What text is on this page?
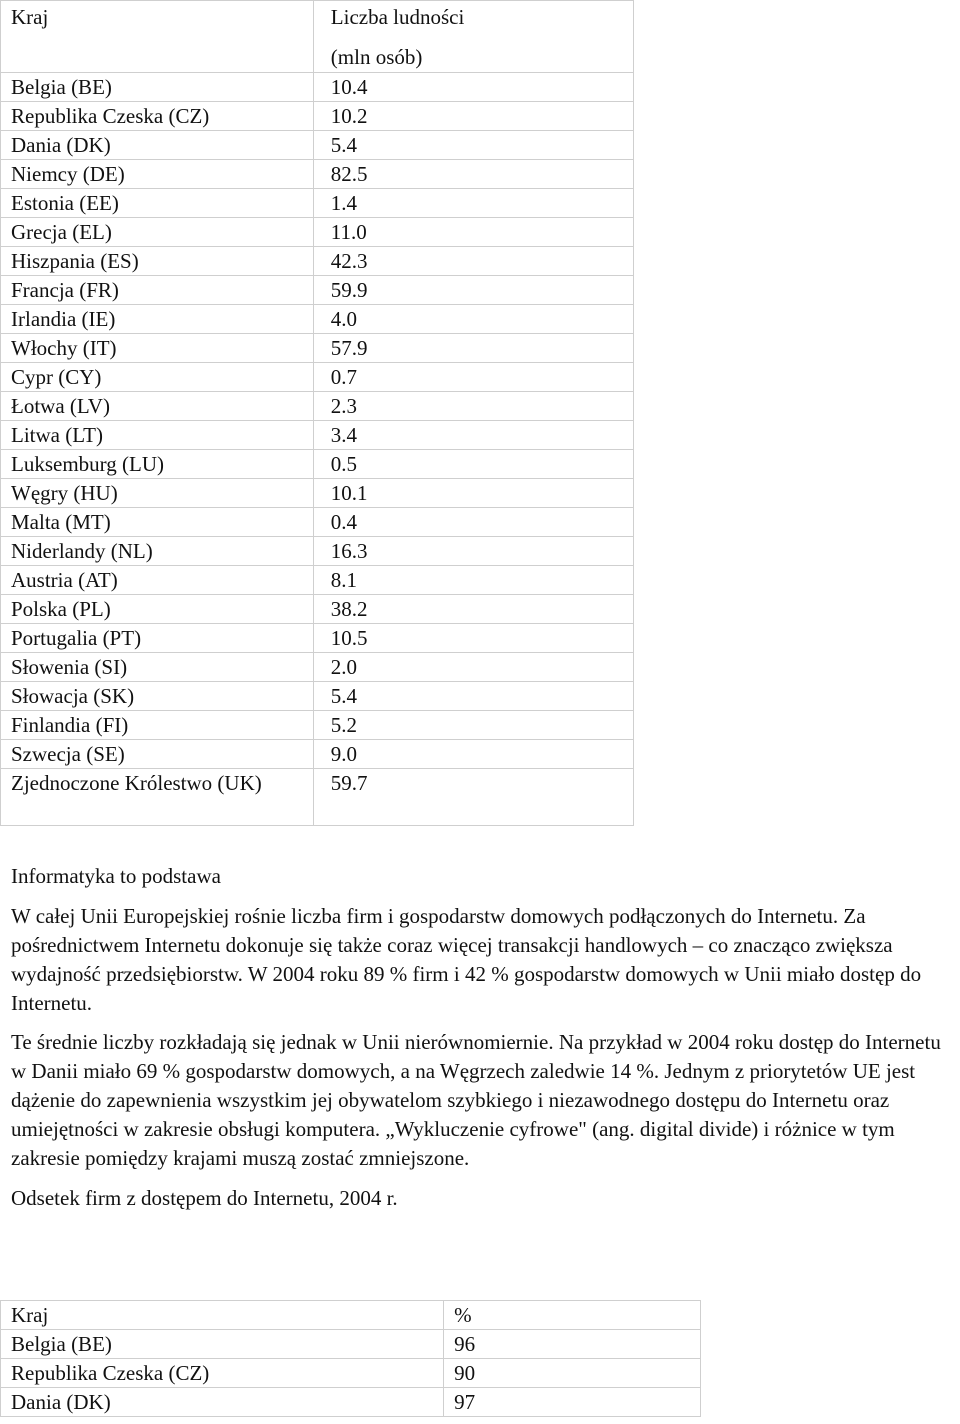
Kraj	Liczba ludności
(mln osób)

Belgia (BE)	10.4
Republika Czeska (CZ)	10.2
Dania (DK)	5.4
Niemcy (DE)	82.5
Estonia (EE)	1.4
Grecja (EL)	11.0
Hiszpania (ES)	42.3
Francja (FR)	59.9
Irlandia (IE)	4.0
Włochy (IT)	57.9
Cypr (CY)	0.7
Łotwa (LV)	2.3
Litwa (LT)	3.4
Luksemburg (LU)	0.5
Węgry (HU)	10.1
Malta (MT)	0.4
Niderlandy (NL)	16.3
Austria (AT)	8.1
Polska (PL)	38.2
Portugalia (PT)	10.5
Słowenia (SI)	2.0
Słowacja (SK)	5.4
Finlandia (FI)	5.2
Szwecja (SE)	9.0
Zjednoczone Królestwo (UK)	59.7

Informatyka to podstawa

W całej Unii Europejskiej rośnie liczba firm i gospodarstw domowych podłączonych do Internetu. Za pośrednictwem Internetu dokonuje się także coraz więcej transakcji handlowych – co znacząco zwiększa wydajność przedsiębiorstw. W 2004 roku 89 % firm i 42 % gospodarstw domowych w Unii miało dostęp do Internetu.

Te średnie liczby rozkładają się jednak w Unii nierównomiernie. Na przykład w 2004 roku dostęp do Internetu w Danii miało 69 % gospodarstw domowych, a na Węgrzech zaledwie 14 %. Jednym z priorytetów UE jest dążenie do zapewnienia wszystkim jej obywatelom szybkiego i niezawodnego dostępu do Internetu oraz umiejętności w zakresie obsługi komputera. „Wykluczenie cyfrowe" (ang. digital divide) i różnice w tym zakresie pomiędzy krajami muszą zostać zmniejszone.

Odsetek firm z dostępem do Internetu, 2004 r.

Kraj	%
Belgia (BE)	96
Republika Czeska (CZ)	90
Dania (DK)	97
